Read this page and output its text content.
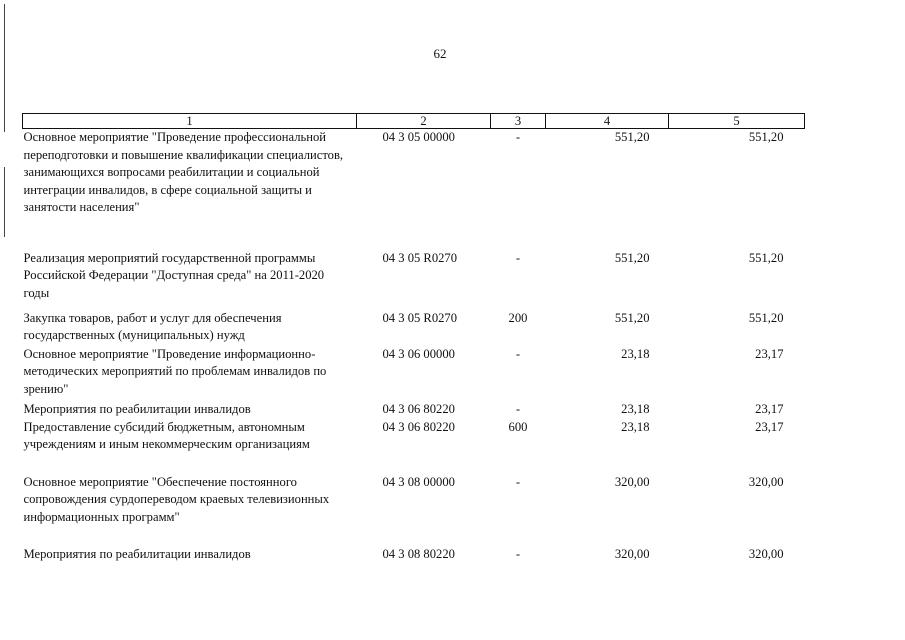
62
1	2	3	4	5
Основное мероприятие "Проведение профессиональной переподготовки и повышение квалификации специалистов, занимающихся вопросами реабилитации и социальной интеграции инвалидов, в сфере социальной защиты и занятости населения"	04 3 05 00000	-	551,20	551,20
Реализация мероприятий государственной программы Российской Федерации "Доступная среда" на 2011-2020 годы	04 3 05 R0270	-	551,20	551,20
Закупка товаров, работ и услуг для обеспечения государственных (муниципальных) нужд	04 3 05 R0270	200	551,20	551,20
Основное мероприятие "Проведение информационно-методических мероприятий по проблемам инвалидов по зрению"	04 3 06 00000	-	23,18	23,17
Мероприятия по реабилитации инвалидов	04 3 06 80220	-	23,18	23,17
Предоставление субсидий бюджетным, автономным учреждениям и иным некоммерческим организациям	04 3 06 80220	600	23,18	23,17
Основное мероприятие "Обеспечение постоянного сопровождения сурдопереводом краевых телевизионных информационных программ"	04 3 08 00000	-	320,00	320,00
Мероприятия по реабилитации инвалидов	04 3 08 80220	-	320,00	320,00
